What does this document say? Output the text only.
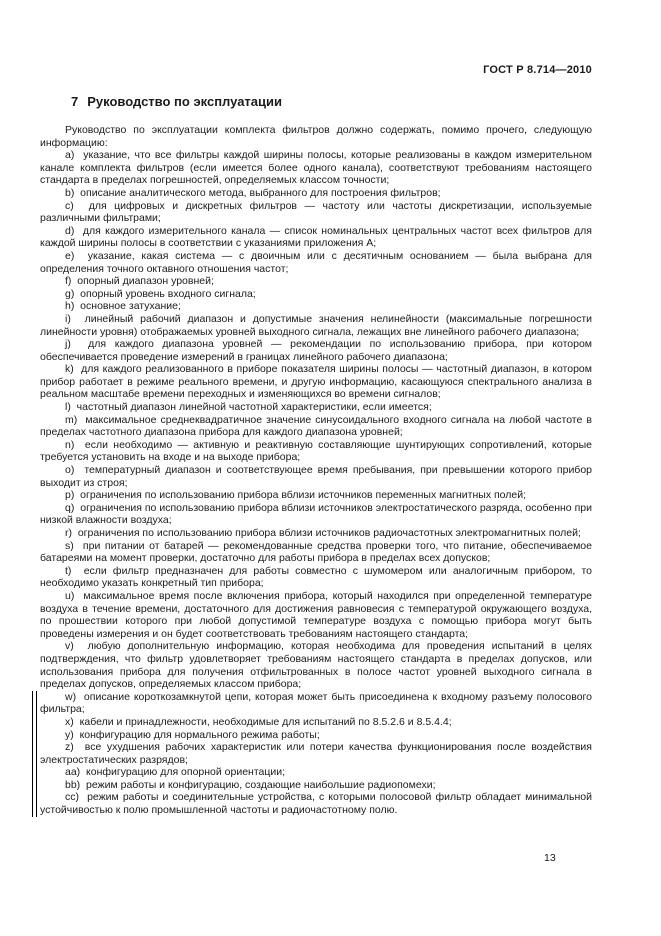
ГОСТ Р 8.714—2010
7 Руководство по эксплуатации

Руководство по эксплуатации комплекта фильтров должно содержать, помимо прочего, следующую информацию:

a)  указание, что все фильтры каждой ширины полосы, которые реализованы в каждом измерительном канале комплекта фильтров (если имеется более одного канала), соответствуют требованиям настоящего стандарта в пределах погрешностей, определяемых классом точности;

b)  описание аналитического метода, выбранного для построения фильтров;

c)  для цифровых и дискретных фильтров — частоту или частоты дискретизации, используемые различными фильтрами;

d)  для каждого измерительного канала — список номинальных центральных частот всех фильтров для каждой ширины полосы в соответствии с указаниями приложения А;

e)  указание, какая система — с двоичным или с десятичным основанием — была выбрана для определения точного октавного отношения частот;

f)  опорный диапазон уровней;

g)  опорный уровень входного сигнала;

h)  основное затухание;

i)  линейный рабочий диапазон и допустимые значения нелинейности (максимальные погрешности линейности уровня) отображаемых уровней выходного сигнала, лежащих вне линейного рабочего диапазона;

j)  для каждого диапазона уровней — рекомендации по использованию прибора, при котором обеспечивается проведение измерений в границах линейного рабочего диапазона;

k)  для каждого реализованного в приборе показателя ширины полосы — частотный диапазон, в котором прибор работает в режиме реального времени, и другую информацию, касающуюся спектрального анализа в реальном масштабе времени переходных и изменяющихся во времени сигналов;

l)  частотный диапазон линейной частотной характеристики, если имеется;

m)  максимальное среднеквадратичное значение синусоидального входного сигнала на любой частоте в пределах частотного диапазона прибора для каждого диапазона уровней;

n)  если необходимо — активную и реактивную составляющие шунтирующих сопротивлений, которые требуется установить на входе и на выходе прибора;

o)  температурный диапазон и соответствующее время пребывания, при превышении которого прибор выходит из строя;

p)  ограничения по использованию прибора вблизи источников переменных магнитных полей;

q)  ограничения по использованию прибора вблизи источников электростатического разряда, особенно при низкой влажности воздуха;

r)  ограничения по использованию прибора вблизи источников радиочастотных электромагнитных полей;

s)  при питании от батарей — рекомендованные средства проверки того, что питание, обеспечиваемое батареями на момент проверки, достаточно для работы прибора в пределах всех допусков;

t)  если фильтр предназначен для работы совместно с шумомером или аналогичным прибором, то необходимо указать конкретный тип прибора;

u)  максимальное время после включения прибора, который находился при определенной температуре воздуха в течение времени, достаточного для достижения равновесия с температурой окружающего воздуха, по прошествии которого при любой допустимой температуре воздуха с помощью прибора могут быть проведены измерения и он будет соответствовать требованиям настоящего стандарта;

v)  любую дополнительную информацию, которая необходима для проведения испытаний в целях подтверждения, что фильтр удовлетворяет требованиям настоящего стандарта в пределах допусков, или использования прибора для получения отфильтрованных в полосе частот уровней выходного сигнала в пределах допусков, определяемых классом прибора;

w)  описание короткозамкнутой цепи, которая может быть присоединена к входному разъему полосового фильтра;

x)  кабели и принадлежности, необходимые для испытаний по 8.5.2.6 и 8.5.4.4;

y)  конфигурацию для нормального режима работы;

z)  все ухудшения рабочих характеристик или потери качества функционирования после воздействия электростатических разрядов;

aa)  конфигурацию для опорной ориентации;

bb)  режим работы и конфигурацию, создающие наибольшие радиопомехи;

cc)  режим работы и соединительные устройства, с которыми полосовой фильтр обладает минимальной устойчивостью к полю промышленной частоты и радиочастотному полю.

13
